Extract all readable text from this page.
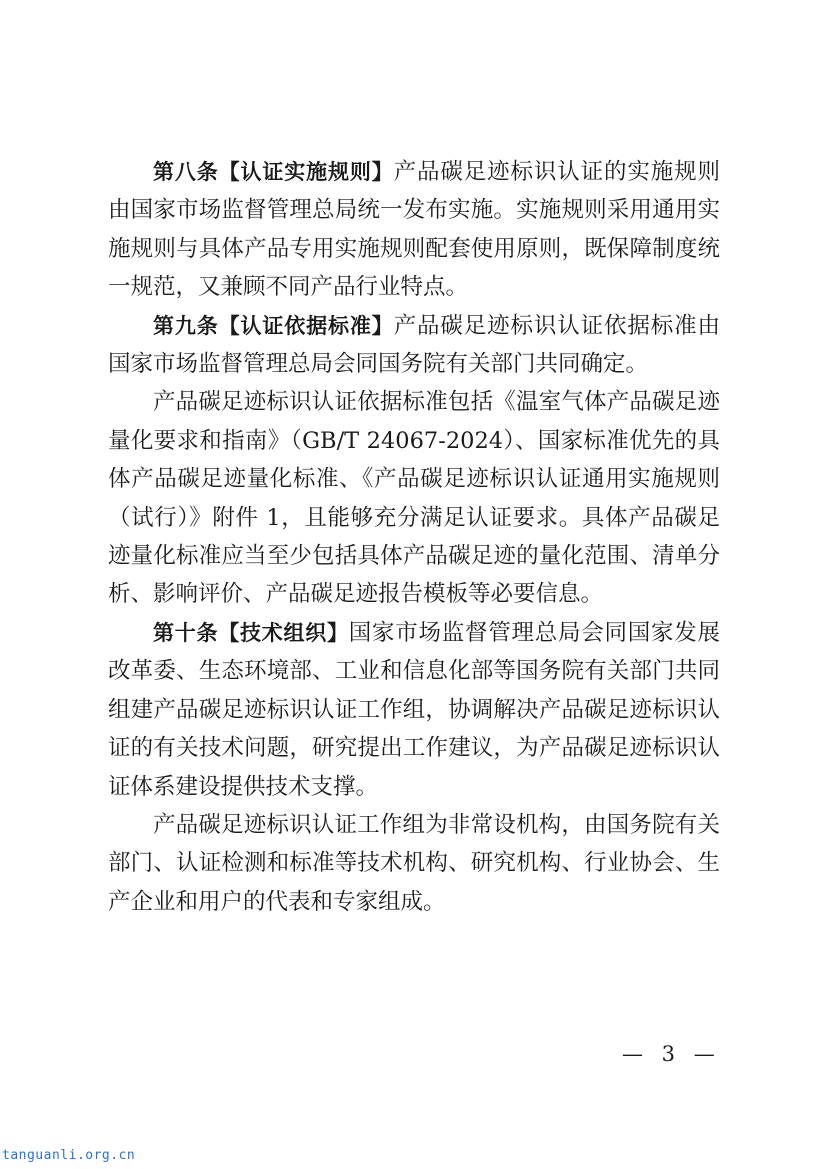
第八条【认证实施规则】产品碳足迹标识认证的实施规则由国家市场监督管理总局统一发布实施。实施规则采用通用实施规则与具体产品专用实施规则配套使用原则，既保障制度统一规范，又兼顾不同产品行业特点。

第九条【认证依据标准】产品碳足迹标识认证依据标准由国家市场监督管理总局会同国务院有关部门共同确定。

产品碳足迹标识认证依据标准包括《温室气体产品碳足迹量化要求和指南》（GB/T 24067-2024）、国家标准优先的具体产品碳足迹量化标准、《产品碳足迹标识认证通用实施规则（试行）》附件 1，且能够充分满足认证要求。具体产品碳足迹量化标准应当至少包括具体产品碳足迹的量化范围、清单分析、影响评价、产品碳足迹报告模板等必要信息。

第十条【技术组织】国家市场监督管理总局会同国家发展改革委、生态环境部、工业和信息化部等国务院有关部门共同组建产品碳足迹标识认证工作组，协调解决产品碳足迹标识认证的有关技术问题，研究提出工作建议，为产品碳足迹标识认证体系建设提供技术支撑。

产品碳足迹标识认证工作组为非常设机构，由国务院有关部门、认证检测和标准等技术机构、研究机构、行业协会、生产企业和用户的代表和专家组成。

— 3 —
tanguanli.org.cn
